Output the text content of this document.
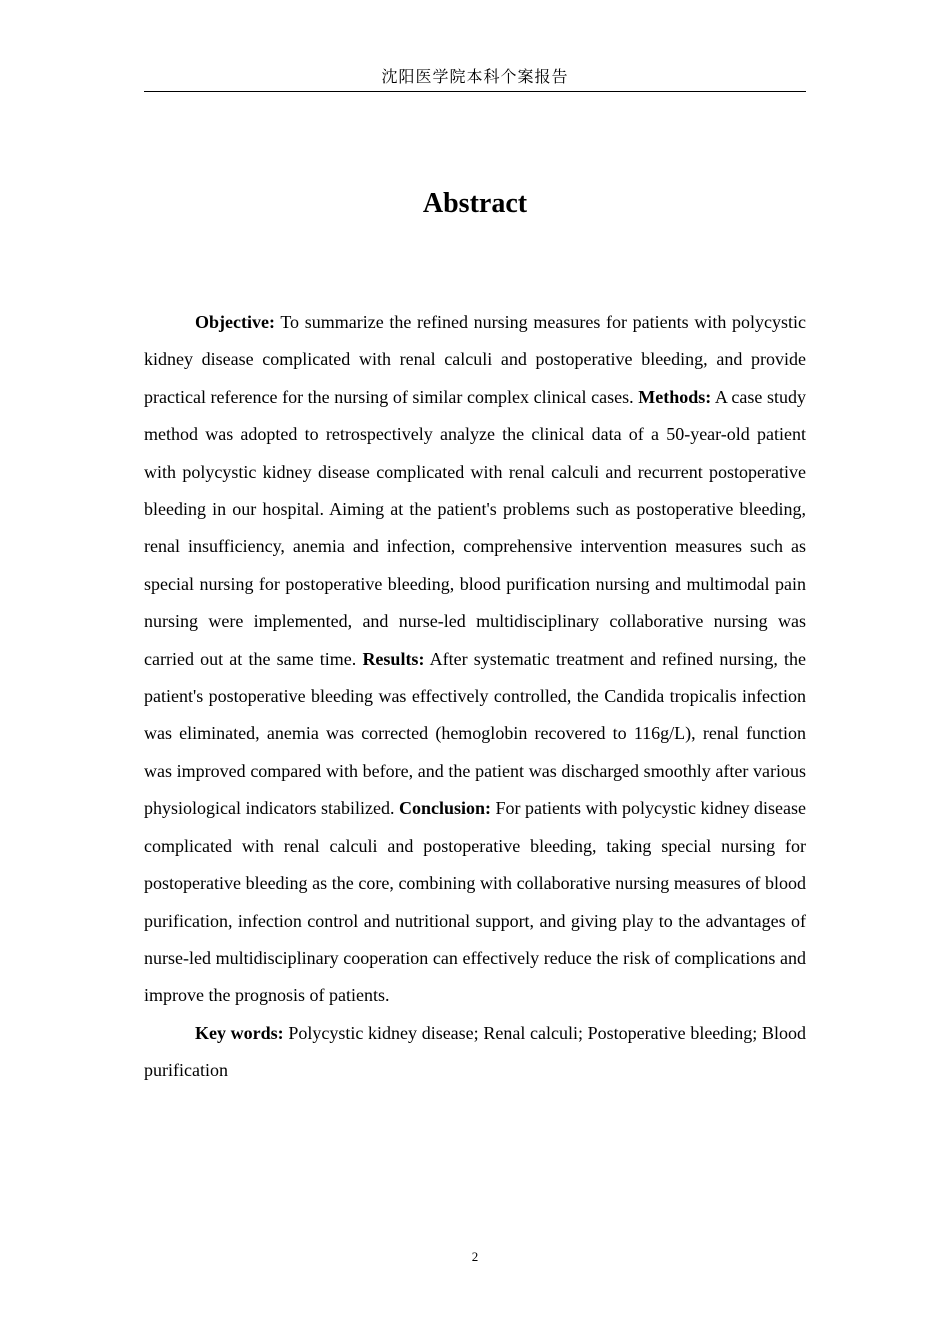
沈阳医学院本科个案报告
Abstract

Objective: To summarize the refined nursing measures for patients with polycystic kidney disease complicated with renal calculi and postoperative bleeding, and provide practical reference for the nursing of similar complex clinical cases. Methods: A case study method was adopted to retrospectively analyze the clinical data of a 50-year-old patient with polycystic kidney disease complicated with renal calculi and recurrent postoperative bleeding in our hospital. Aiming at the patient's problems such as postoperative bleeding, renal insufficiency, anemia and infection, comprehensive intervention measures such as special nursing for postoperative bleeding, blood purification nursing and multimodal pain nursing were implemented, and nurse-led multidisciplinary collaborative nursing was carried out at the same time. Results: After systematic treatment and refined nursing, the patient's postoperative bleeding was effectively controlled, the Candida tropicalis infection was eliminated, anemia was corrected (hemoglobin recovered to 116g/L), renal function was improved compared with before, and the patient was discharged smoothly after various physiological indicators stabilized. Conclusion: For patients with polycystic kidney disease complicated with renal calculi and postoperative bleeding, taking special nursing for postoperative bleeding as the core, combining with collaborative nursing measures of blood purification, infection control and nutritional support, and giving play to the advantages of nurse-led multidisciplinary cooperation can effectively reduce the risk of complications and improve the prognosis of patients.

Key words: Polycystic kidney disease; Renal calculi; Postoperative bleeding; Blood purification

2
